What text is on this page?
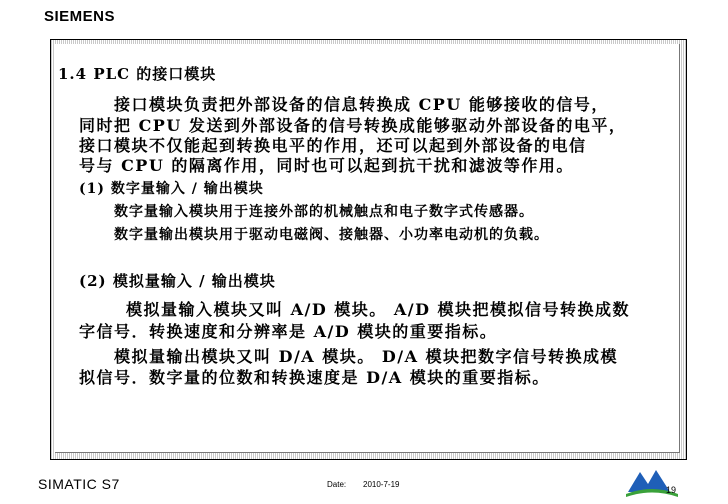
SIEMENS
1.4 PLC 的接口模块
接口模块负责把外部设备的信息转换成 CPU 能够接收的信号，
同时把 CPU 发送到外部设备的信号转换成能够驱动外部设备的电平，
接口模块不仅能起到转换电平的作用，还可以起到外部设备的电信
号与 CPU 的隔离作用，同时也可以起到抗干扰和滤波等作用。
(1) 数字量输入 / 输出模块
数字量输入模块用于连接外部的机械触点和电子数字式传感器。
数字量输出模块用于驱动电磁阀、接触器、小功率电动机的负载。
(2) 模拟量输入 / 输出模块
模拟量输入模块又叫 A/D 模块。 A/D 模块把模拟信号转换成数
字信号．转换速度和分辨率是 A/D 模块的重要指标。
模拟量输出模块又叫 D/A 模块。 D/A 模块把数字信号转换成模
拟信号．数字量的位数和转换速度是 D/A 模块的重要指标。
SIMATIC S7	Date: 2010-7-19
19
